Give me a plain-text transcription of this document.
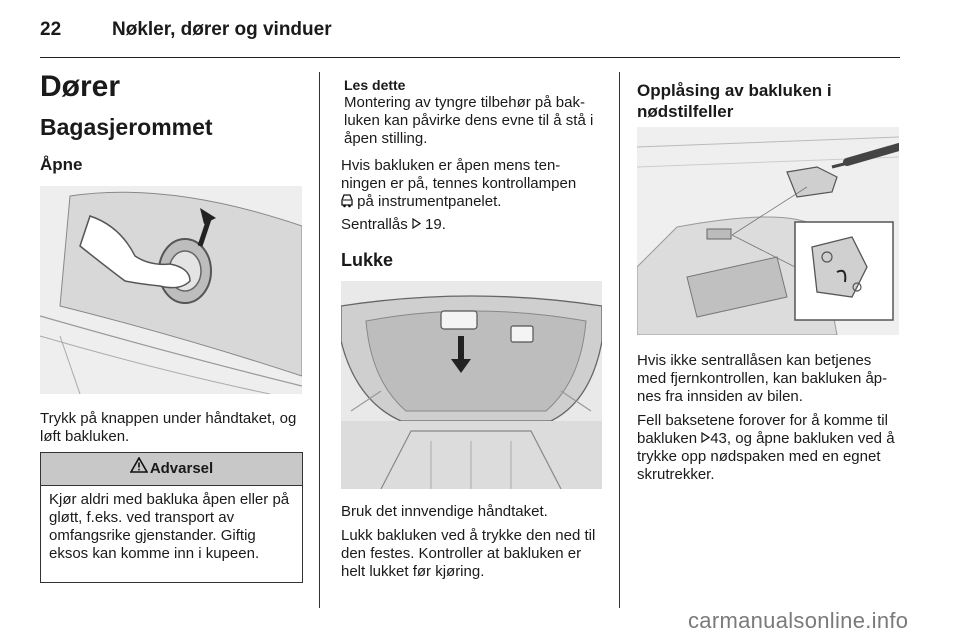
22	Nøkler, dører og vinduer
Dører
Bagasjerommet
Åpne
Trykk på knappen under håndtaket, og løft bakluken.
Advarsel
Kjør aldri med bakluka åpen eller på gløtt, f.eks. ved transport av omfangsrike gjenstander. Giftig eksos kan komme inn i kupeen.
Les dette
Montering av tyngre tilbehør på bak- luken kan påvirke dens evne til å stå i åpen stilling.
Hvis bakluken er åpen mens ten- ningen er på, tennes kontrollampen
på instrumentpanelet.
Sentrallås 19.
Lukke
Bruk det innvendige håndtaket.
Lukk bakluken ved å trykke den ned til den festes. Kontroller at bakluken er helt lukket før kjøring.
Opplåsing av bakluken i nødstilfeller
Hvis ikke sentrallåsen kan betjenes med fjernkontrollen, kan bakluken åp- nes fra innsiden av bilen.
Fell baksetene forover for å komme til bakluken 43, og åpne bakluken ved å trykke opp nødspaken med en egnet skrutrekker.
carmanualsonline.info
